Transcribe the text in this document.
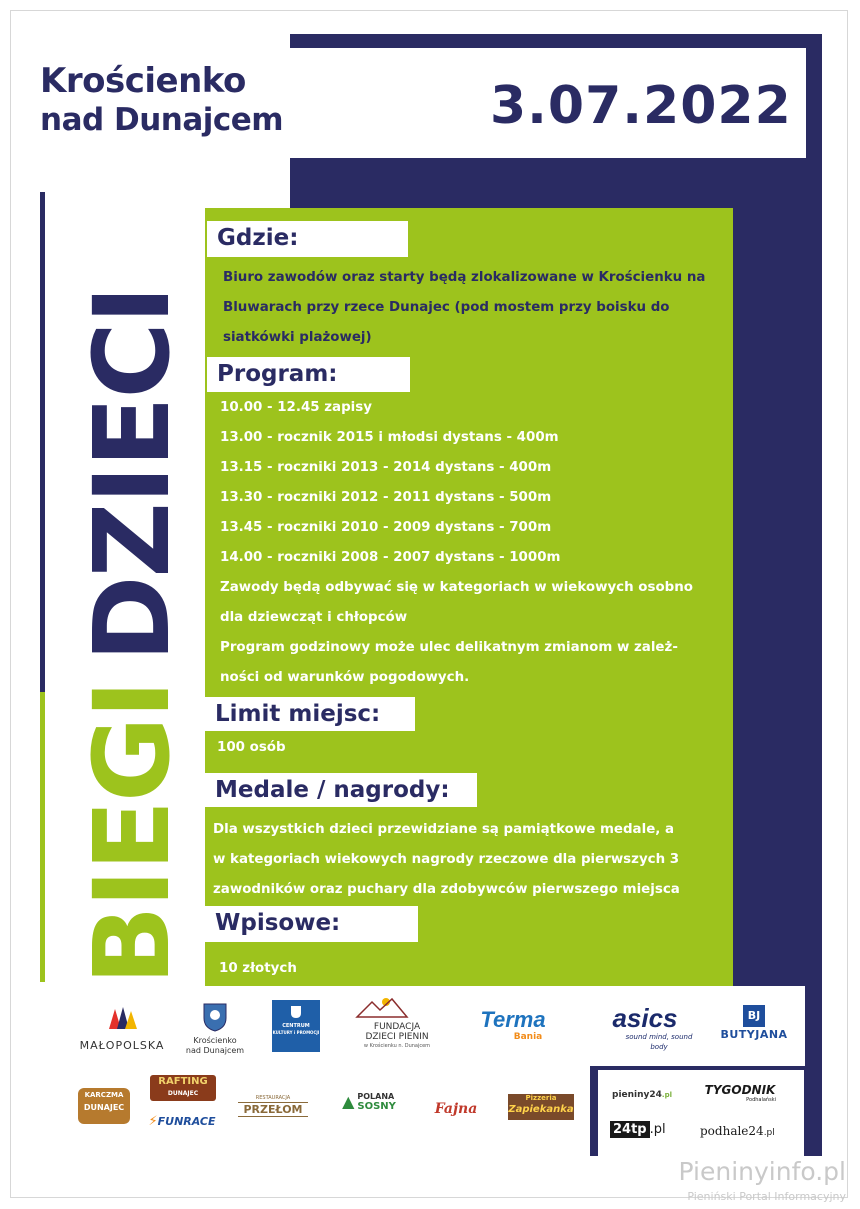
Krościenko
nad Dunajcem	3.07.2022
BIEGIDZIECI
Gdzie:
Biuro zawodów oraz starty będą zlokalizowane w Krościenku na
Bluwarach przy rzece Dunajec (pod mostem przy boisku do
siatkówki plażowej)
Program:
10.00 - 12.45 zapisy
13.00 - rocznik 2015 i młodsi dystans - 400m
13.15 - roczniki 2013 - 2014 dystans - 400m
13.30 - roczniki 2012 - 2011 dystans - 500m
13.45 - roczniki 2010 - 2009 dystans - 700m
14.00 - roczniki 2008 - 2007 dystans - 1000m
Zawody będą odbywać się w kategoriach w wiekowych osobno
dla dziewcząt i chłopców
Program godzinowy może ulec delikatnym zmianom w zależ-
ności od warunków pogodowych.
Limit miejsc:
100 osób
Medale / nagrody:
Dla wszystkich dzieci przewidziane są pamiątkowe medale, a
w kategoriach wiekowych nagrody rzeczowe dla pierwszych 3
zawodników oraz puchary dla zdobywców pierwszego miejsca
Wpisowe:
10 złotych
MAŁOPOLSKA	Krościenko
nad Dunajcem
CENTRUM
KULTURY i PROMOCJI
FUNDACJA
DZIECI PIENIN
w Krościenku n. Dunajcem
Terma
Bania
asics
sound mind, sound body
BJ
BUTYJANA
KARCZMA
DUNAJEC
RAFTING
DUNAJEC
⚡FUNRACE
RESTAURACJA
PRZEŁOM	▲ POLANA
SOSNY	Fajna
Pizzeria
Zapiekanka
pieniny24.pl	TYGODNIK
Podhalański
24tp .pl	podhale24.pl
Pieninyinfo.pl
Pieniński Portal Informacyjny
